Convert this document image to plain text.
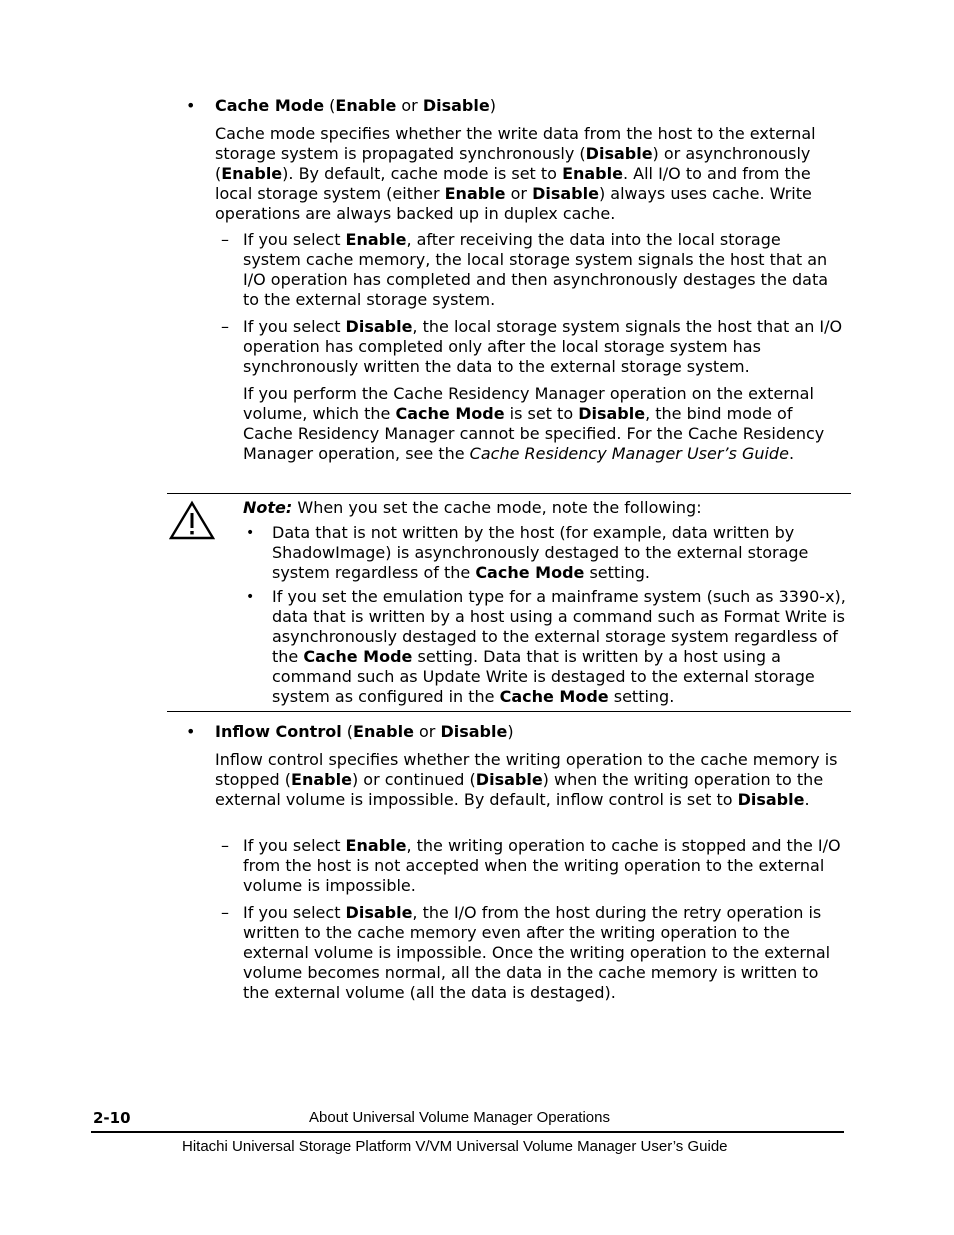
• Cache Mode (Enable or Disable)
Cache mode specifies whether the write data from the host to the external storage system is propagated synchronously (Disable) or asynchronously (Enable). By default, cache mode is set to Enable. All I/O to and from the local storage system (either Enable or Disable) always uses cache. Write operations are always backed up in duplex cache.
– If you select Enable, after receiving the data into the local storage system cache memory, the local storage system signals the host that an I/O operation has completed and then asynchronously destages the data to the external storage system.
– If you select Disable, the local storage system signals the host that an I/O operation has completed only after the local storage system has synchronously written the data to the external storage system.
If you perform the Cache Residency Manager operation on the external volume, which the Cache Mode is set to Disable, the bind mode of Cache Residency Manager cannot be specified. For the Cache Residency Manager operation, see the Cache Residency Manager User’s Guide.
Note: When you set the cache mode, note the following:
• Data that is not written by the host (for example, data written by ShadowImage) is asynchronously destaged to the external storage system regardless of the Cache Mode setting.
• If you set the emulation type for a mainframe system (such as 3390-x), data that is written by a host using a command such as Format Write is asynchronously destaged to the external storage system regardless of the Cache Mode setting. Data that is written by a host using a command such as Update Write is destaged to the external storage system as configured in the Cache Mode setting.
• Inflow Control (Enable or Disable)
Inflow control specifies whether the writing operation to the cache memory is stopped (Enable) or continued (Disable) when the writing operation to the external volume is impossible. By default, inflow control is set to Disable.
– If you select Enable, the writing operation to cache is stopped and the I/O from the host is not accepted when the writing operation to the external volume is impossible.
– If you select Disable, the I/O from the host during the retry operation is written to the cache memory even after the writing operation to the external volume is impossible. Once the writing operation to the external volume becomes normal, all the data in the cache memory is written to the external volume (all the data is destaged).
2-10	About Universal Volume Manager Operations
Hitachi Universal Storage Platform V/VM Universal Volume Manager User’s Guide
